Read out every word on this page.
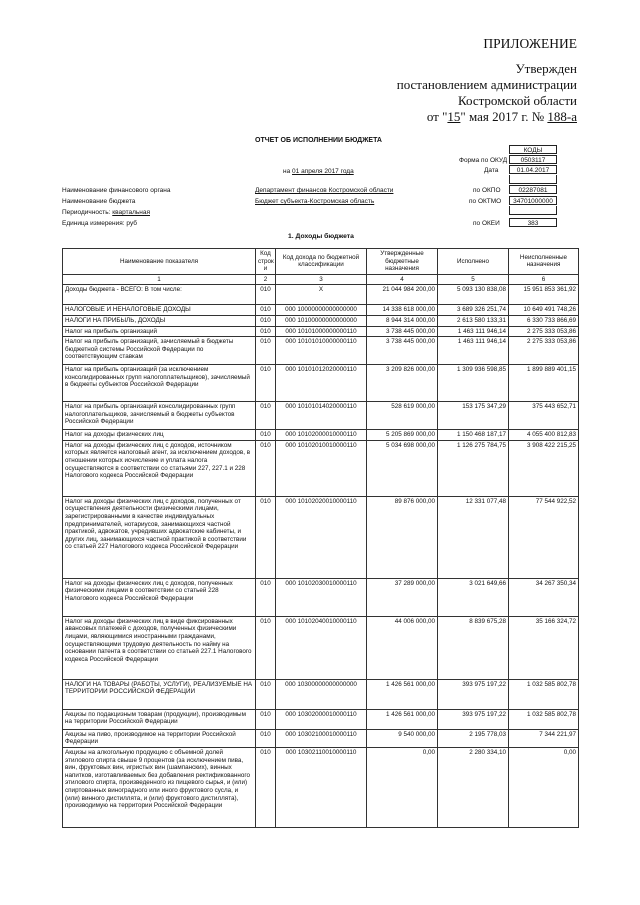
ПРИЛОЖЕНИЕ
Утвержден
постановлением администрации
Костромской области
от "15" мая 2017 г. № 188-а
ОТЧЕТ ОБ ИСПОЛНЕНИИ БЮДЖЕТА
КОДЫ
Форма по ОКУД	0503117
на 01 апреля 2017 года	Дата	01.04.2017
Наименование финансового органа	Департамент финансов Костромской области	по ОКПО	02287081
Наименование бюджета	Бюджет субъекта-Костромская область	по ОКТМО	34701000000
Периодичность: квартальная
Единица измерения: руб	по ОКЕИ	383
1. Доходы бюджета
Наименование показателя	Код строк и	Код дохода по бюджетной классификации	Утвержденные бюджетные назначения	Исполнено	Неисполненные назначения
1	2	3	4	5	6
Доходы бюджета - ВСЕГО: В том числе:	010	X	21 044 984 200,00	5 093 130 838,08	15 951 853 361,92
НАЛОГОВЫЕ И НЕНАЛОГОВЫЕ ДОХОДЫ	010	000 10000000000000000	14 338 618 000,00	3 689 326 251,74	10 649 491 748,26
НАЛОГИ НА ПРИБЫЛЬ, ДОХОДЫ	010	000 10100000000000000	8 944 314 000,00	2 613 580 133,31	6 330 733 866,69
Налог на прибыль организаций	010	000 10101000000000110	3 738 445 000,00	1 463 111 946,14	2 275 333 053,86
Налог на прибыль организаций, зачисляемый в бюджеты бюджетной системы Российской Федерации по соответствующим ставкам	010	000 10101010000000110	3 738 445 000,00	1 463 111 946,14	2 275 333 053,86
Налог на прибыль организаций (за исключением консолидированных групп налогоплательщиков), зачисляемый в бюджеты субъектов Российской Федерации	010	000 10101012020000110	3 209 826 000,00	1 309 936 598,85	1 899 889 401,15
Налог на прибыль организаций консолидированных групп налогоплательщиков, зачисляемый в бюджеты субъектов Российской Федерации	010	000 10101014020000110	528 619 000,00	153 175 347,29	375 443 652,71
Налог на доходы физических лиц	010	000 10102000010000110	5 205 869 000,00	1 150 468 187,17	4 055 400 812,83
Налог на доходы физических лиц с доходов, источником которых является налоговый агент, за исключением доходов, в отношении которых исчисление и уплата налога осуществляются в соответствии со статьями 227, 227.1 и 228 Налогового кодекса Российской Федерации	010	000 10102010010000110	5 034 698 000,00	1 126 275 784,75	3 908 422 215,25
Налог на доходы физических лиц с доходов, полученных от осуществления деятельности физическими лицами, зарегистрированными в качестве индивидуальных предпринимателей, нотариусов, занимающихся частной практикой, адвокатов, учредивших адвокатские кабинеты, и других лиц, занимающихся частной практикой в соответствии со статьей 227 Налогового кодекса Российской Федерации	010	000 10102020010000110	89 876 000,00	12 331 077,48	77 544 922,52
Налог на доходы физических лиц с доходов, полученных физическими лицами в соответствии со статьей 228 Налогового кодекса Российской Федерации	010	000 10102030010000110	37 289 000,00	3 021 649,66	34 267 350,34
Налог на доходы физических лиц в виде фиксированных авансовых платежей с доходов, полученных физическими лицами, являющимися иностранными гражданами, осуществляющими трудовую деятельность по найму на основании патента в соответствии со статьей 227.1 Налогового кодекса Российской Федерации	010	000 10102040010000110	44 006 000,00	8 839 675,28	35 166 324,72
НАЛОГИ НА ТОВАРЫ (РАБОТЫ, УСЛУГИ), РЕАЛИЗУЕМЫЕ НА ТЕРРИТОРИИ РОССИЙСКОЙ ФЕДЕРАЦИИ	010	000 10300000000000000	1 426 561 000,00	393 975 197,22	1 032 585 802,78
Акцизы по подакцизным товарам (продукции), производимым на территории Российской Федерации	010	000 10302000010000110	1 426 561 000,00	393 975 197,22	1 032 585 802,78
Акцизы на пиво, производимое на территории Российской Федерации	010	000 10302100010000110	9 540 000,00	2 195 778,03	7 344 221,97
Акцизы на алкогольную продукцию с объемной долей этилового спирта свыше 9 процентов (за исключением пива, вин, фруктовых вин, игристых вин (шампанских), винных напитков, изготавливаемых без добавления ректификованного этилового спирта, произведенного из пищевого сырья, и (или) спиртованных виноградного или иного фруктового сусла, и (или) винного дистиллята, и (или) фруктового дистиллята), производимую на территории Российской Федерации	010	000 10302110010000110	0,00	2 280 334,10	0,00
